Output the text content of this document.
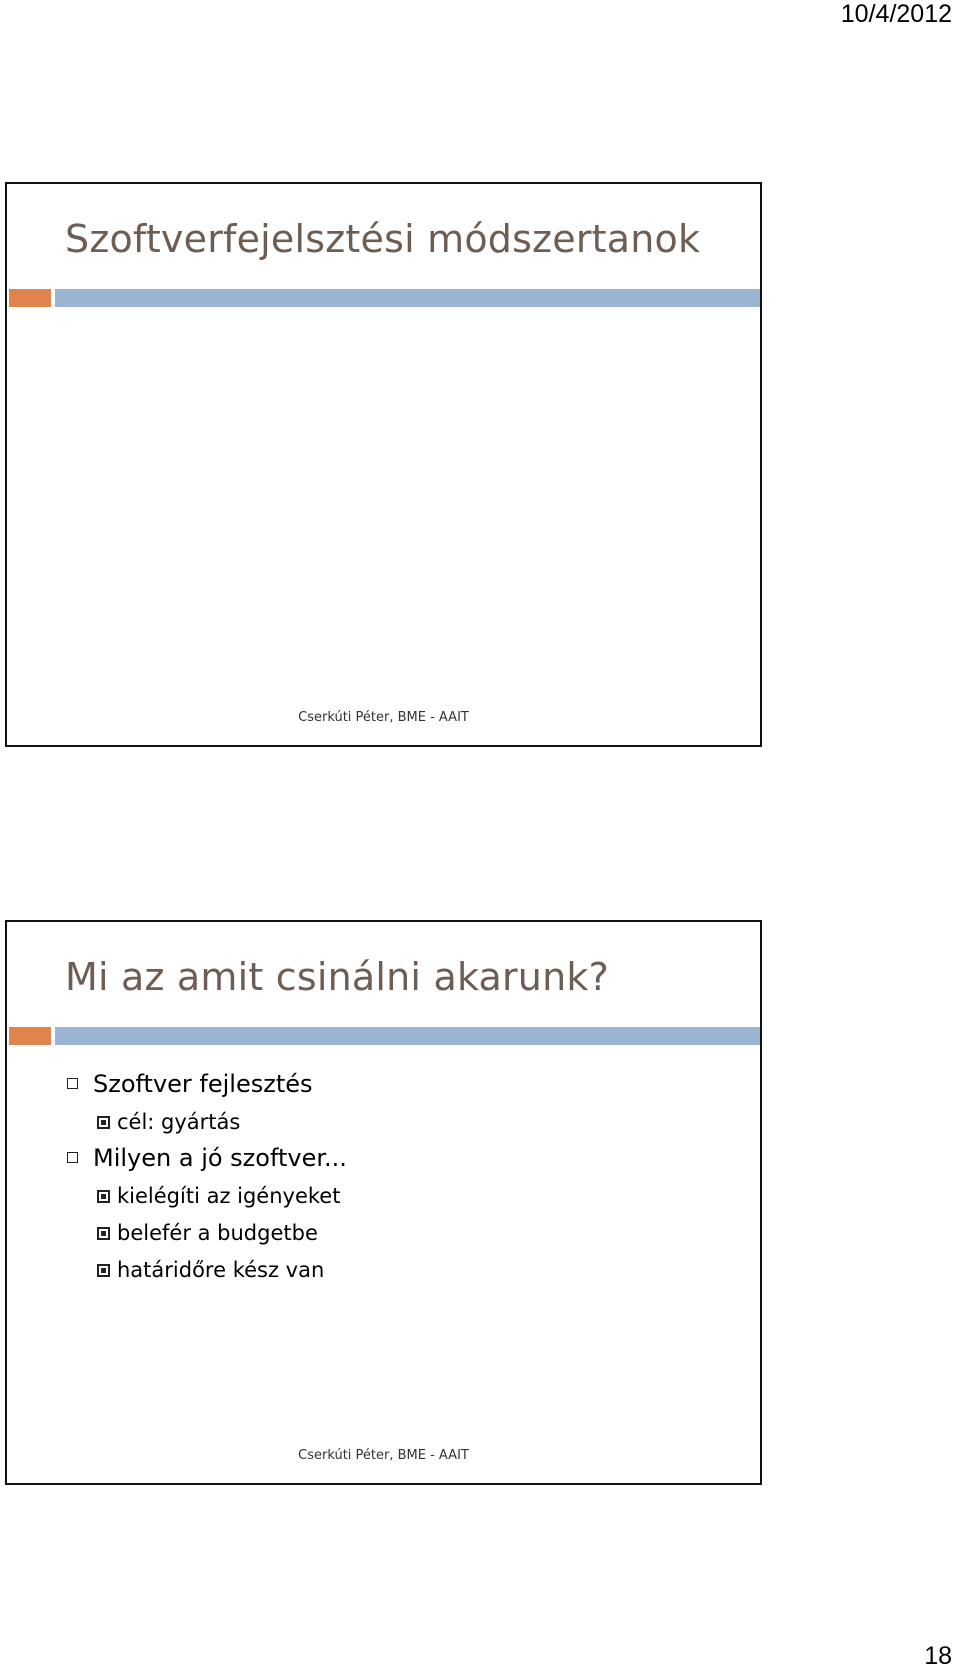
10/4/2012
Szoftverfejelsztési módszertanok
Cserkúti Péter, BME - AAIT
Mi az amit csinálni akarunk?
Szoftver fejlesztés
cél: gyártás
Milyen a jó szoftver...
kielégíti az igényeket
belefér a budgetbe
határidőre kész van
Cserkúti Péter, BME - AAIT
18
